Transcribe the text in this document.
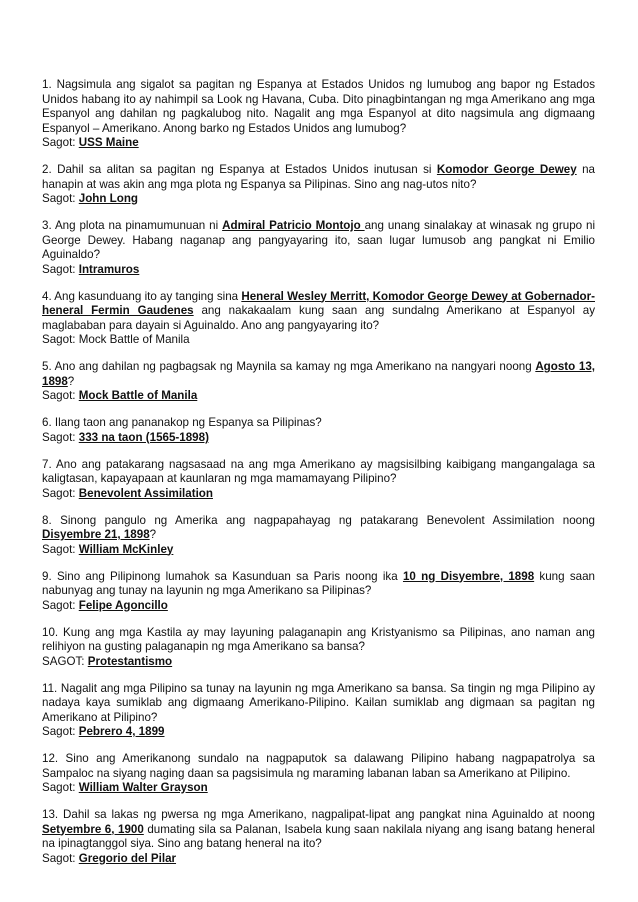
1. Nagsimula ang sigalot sa pagitan ng Espanya at Estados Unidos ng lumubog ang bapor ng Estados Unidos habang ito ay nahimpil sa Look ng Havana, Cuba. Dito pinagbintangan ng mga Amerikano ang mga Espanyol ang dahilan ng pagkalubog nito. Nagalit ang mga Espanyol at dito nagsimula ang digmaang Espanyol – Amerikano. Anong barko ng Estados Unidos ang lumubog?

Sagot: USS Maine

2. Dahil sa alitan sa pagitan ng Espanya at Estados Unidos inutusan si Komodor George Dewey na hanapin at was akin ang mga plota ng Espanya sa Pilipinas. Sino ang nag-utos nito?

Sagot: John Long

3. Ang plota na pinamumunuan ni Admiral Patricio Montojo ang unang sinalakay at winasak ng grupo ni George Dewey. Habang naganap ang pangyayaring ito, saan lugar lumusob ang pangkat ni Emilio Aguinaldo?

Sagot: Intramuros

4. Ang kasunduang ito ay tanging sina Heneral Wesley Merritt, Komodor George Dewey at Gobernador-heneral Fermin Gaudenes ang nakakaalam kung saan ang sundalng Amerikano at Espanyol ay maglababan para dayain si Aguinaldo. Ano ang pangyayaring ito?

Sagot: Mock Battle of Manila

5. Ano ang dahilan ng pagbagsak ng Maynila sa kamay ng mga Amerikano na nangyari noong Agosto 13, 1898?

Sagot: Mock Battle of Manila

6. Ilang taon ang pananakop ng Espanya sa Pilipinas?

Sagot: 333 na taon (1565-1898)

7. Ano ang patakarang nagsasaad na ang mga Amerikano ay magsisilbing kaibigang mangangalaga sa kaligtasan, kapayapaan at kaunlaran ng mga mamamayang Pilipino?

Sagot: Benevolent Assimilation

8. Sinong pangulo ng Amerika ang nagpapahayag ng patakarang Benevolent Assimilation noong Disyembre 21, 1898?

Sagot: William McKinley

9. Sino ang Pilipinong lumahok sa Kasunduan sa Paris noong ika 10 ng Disyembre, 1898 kung saan nabunyag ang tunay na layunin ng mga Amerikano sa Pilipinas?

Sagot: Felipe Agoncillo

10. Kung ang mga Kastila ay may layuning palaganapin ang Kristyanismo sa Pilipinas, ano naman ang relihiyon na gusting palaganapin ng mga Amerikano sa bansa?

SAGOT: Protestantismo

11. Nagalit ang mga Pilipino sa tunay na layunin ng mga Amerikano sa bansa. Sa tingin ng mga Pilipino ay nadaya kaya sumiklab ang digmaang Amerikano-Pilipino. Kailan sumiklab ang digmaan sa pagitan ng Amerikano at Pilipino?

Sagot: Pebrero 4, 1899

12. Sino ang Amerikanong sundalo na nagpaputok sa dalawang Pilipino habang nagpapatrolya sa Sampaloc na siyang naging daan sa pagsisimula ng maraming labanan laban sa Amerikano at Pilipino.

Sagot: William Walter Grayson

13. Dahil sa lakas ng pwersa ng mga Amerikano, nagpalipat-lipat ang pangkat nina Aguinaldo at noong Setyembre 6, 1900 dumating sila sa Palanan, Isabela kung saan nakilala niyang ang isang batang heneral na ipinagtanggol siya. Sino ang batang heneral na ito?

Sagot: Gregorio del Pilar
